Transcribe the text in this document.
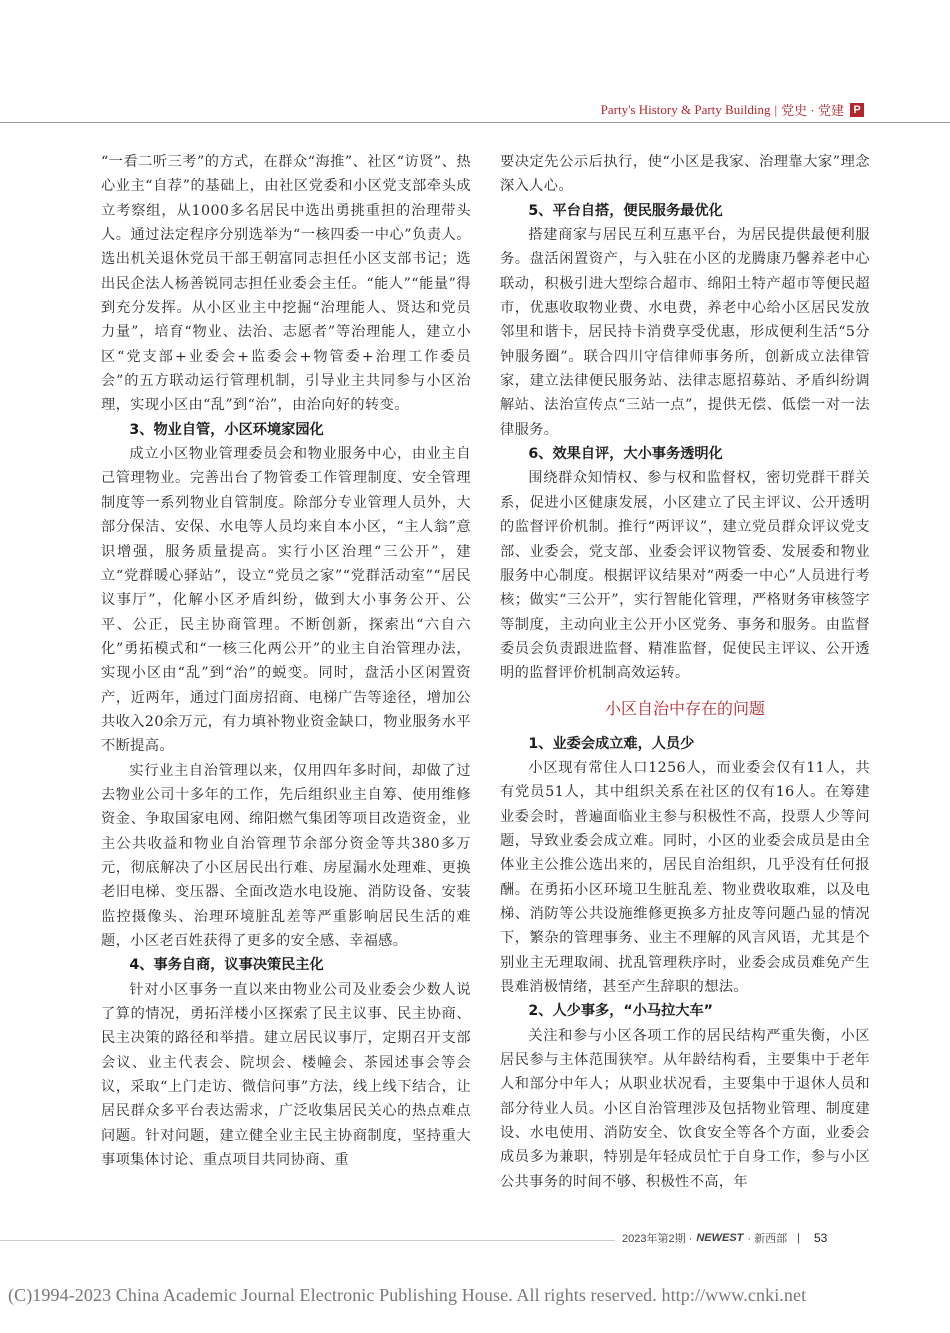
Party's History & Party Building | 党史 · 党建 P

“一看二听三考”的方式，在群众“海推”、社区“访贤”、热心业主“自荐”的基础上，由社区党委和小区党支部牵头成立考察组，从1000多名居民中选出勇挑重担的治理带头人。通过法定程序分别选举为“一核四委一中心”负责人。选出机关退休党员干部王朝富同志担任小区支部书记；选出民企法人杨善锐同志担任业委会主任。“能人”“能量”得到充分发挥。从小区业主中挖掘“治理能人、贤达和党员力量”，培育“物业、法治、志愿者”等治理能人，建立小区“党支部+业委会+监委会+物管委+治理工作委员会”的五方联动运行管理机制，引导业主共同参与小区治理，实现小区由“乱”到“治”，由治向好的转变。

3、物业自管，小区环境家园化

成立小区物业管理委员会和物业服务中心，由业主自己管理物业。完善出台了物管委工作管理制度、安全管理制度等一系列物业自管制度。除部分专业管理人员外，大部分保洁、安保、水电等人员均来自本小区，“主人翁”意识增强，服务质量提高。实行小区治理“三公开”，建立“党群暖心驿站”，设立“党员之家”“党群活动室”“居民议事厅”，化解小区矛盾纠纷，做到大小事务公开、公平、公正，民主协商管理。不断创新，探索出“六自六化”勇拓模式和“一核三化两公开”的业主自治管理办法，实现小区由“乱”到“治”的蜕变。同时，盘活小区闲置资产，近两年，通过门面房招商、电梯广告等途径，增加公共收入20余万元，有力填补物业资金缺口，物业服务水平不断提高。

实行业主自治管理以来，仅用四年多时间，却做了过去物业公司十多年的工作，先后组织业主自筹、使用维修资金、争取国家电网、绵阳燃气集团等项目改造资金，业主公共收益和物业自治管理节余部分资金等共380多万元，彻底解决了小区居民出行难、房屋漏水处理难、更换老旧电梯、变压器、全面改造水电设施、消防设备、安装监控摄像头、治理环境脏乱差等严重影响居民生活的难题，小区老百姓获得了更多的安全感、幸福感。

4、事务自商，议事决策民主化

针对小区事务一直以来由物业公司及业委会少数人说了算的情况，勇拓洋楼小区探索了民主议事、民主协商、民主决策的路径和举措。建立居民议事厅，定期召开支部会议、业主代表会、院坝会、楼幢会、茶园述事会等会议，采取“上门走访、微信问事”方法，线上线下结合，让居民群众多平台表达需求，广泛收集居民关心的热点难点问题。针对问题，建立健全业主民主协商制度，坚持重大事项集体讨论、重点项目共同协商、重

要决定先公示后执行，使“小区是我家、治理靠大家”理念深入人心。

5、平台自搭，便民服务最优化

搭建商家与居民互利互惠平台，为居民提供最便利服务。盘活闲置资产，与入驻在小区的龙腾康乃馨养老中心联动，积极引进大型综合超市、绵阳土特产超市等便民超市，优惠收取物业费、水电费，养老中心给小区居民发放邻里和谐卡，居民持卡消费享受优惠，形成便利生活“5分钟服务圈”。联合四川守信律师事务所，创新成立法律管家，建立法律便民服务站、法律志愿招募站、矛盾纠纷调解站、法治宣传点“三站一点”，提供无偿、低偿一对一法律服务。

6、效果自评，大小事务透明化

围绕群众知情权、参与权和监督权，密切党群干群关系，促进小区健康发展，小区建立了民主评议、公开透明的监督评价机制。推行“两评议”，建立党员群众评议党支部、业委会，党支部、业委会评议物管委、发展委和物业服务中心制度。根据评议结果对“两委一中心”人员进行考核；做实“三公开”，实行智能化管理，严格财务审核签字等制度，主动向业主公开小区党务、事务和服务。由监督委员会负责跟进监督、精准监督，促使民主评议、公开透明的监督评价机制高效运转。

小区自治中存在的问题
1、业委会成立难，人员少

小区现有常住人口1256人，而业委会仅有11人，共有党员51人，其中组织关系在社区的仅有16人。在筹建业委会时，普遍面临业主参与积极性不高，投票人少等问题，导致业委会成立难。同时，小区的业委会成员是由全体业主公推公选出来的，居民自治组织，几乎没有任何报酬。在勇拓小区环境卫生脏乱差、物业费收取难，以及电梯、消防等公共设施维修更换多方扯皮等问题凸显的情况下，繁杂的管理事务、业主不理解的风言风语，尤其是个别业主无理取闹、扰乱管理秩序时，业委会成员难免产生畏难消极情绪，甚至产生辞职的想法。

2、人少事多，“小马拉大车”

关注和参与小区各项工作的居民结构严重失衡，小区居民参与主体范围狭窄。从年龄结构看，主要集中于老年人和部分中年人；从职业状况看，主要集中于退休人员和部分待业人员。小区自治管理涉及包括物业管理、制度建设、水电使用、消防安全、饮食安全等各个方面，业委会成员多为兼职，特别是年轻成员忙于自身工作，参与小区公共事务的时间不够、积极性不高，年

2023年第2期 · NEWEST · 新西部 | 53
(C)1994-2023 China Academic Journal Electronic Publishing House. All rights reserved. http://www.cnki.net
